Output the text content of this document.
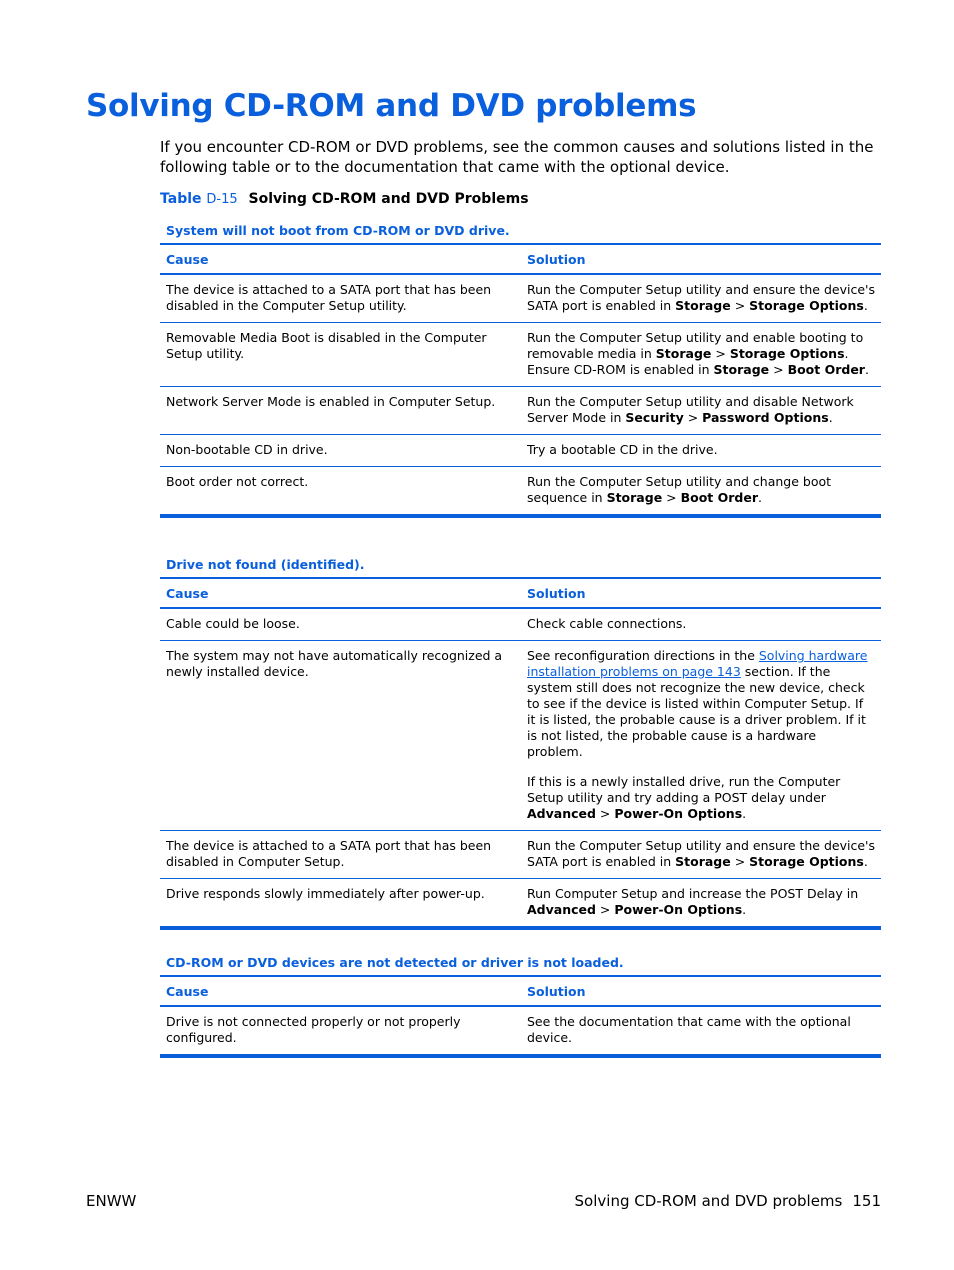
Solving CD-ROM and DVD problems

If you encounter CD-ROM or DVD problems, see the common causes and solutions listed in the following table or to the documentation that came with the optional device.

Table D-15 Solving CD-ROM and DVD Problems
System will not boot from CD-ROM or DVD drive.
Cause	Solution
The device is attached to a SATA port that has been disabled in the Computer Setup utility.	Run the Computer Setup utility and ensure the device's SATA port is enabled in Storage > Storage Options.

Removable Media Boot is disabled in the Computer Setup utility.	Run the Computer Setup utility and enable booting to removable media in Storage > Storage Options. Ensure CD-ROM is enabled in Storage > Boot Order.

Network Server Mode is enabled in Computer Setup.	Run the Computer Setup utility and disable Network Server Mode in Security > Password Options.

Non-bootable CD in drive.	Try a bootable CD in the drive.

Boot order not correct.	Run the Computer Setup utility and change boot sequence in Storage > Boot Order.

Drive not found (identified).
Cause	Solution
Cable could be loose.	Check cable connections.

The system may not have automatically recognized a newly installed device.	See reconfiguration directions in the Solving hardware installation problems on page 143 section. If the system still does not recognize the new device, check to see if the device is listed within Computer Setup. If it is listed, the probable cause is a driver problem. If it is not listed, the probable cause is a hardware problem.

If this is a newly installed drive, run the Computer Setup utility and try adding a POST delay under Advanced > Power-On Options.

The device is attached to a SATA port that has been disabled in Computer Setup.	Run the Computer Setup utility and ensure the device's SATA port is enabled in Storage > Storage Options.

Drive responds slowly immediately after power-up.	Run Computer Setup and increase the POST Delay in Advanced > Power-On Options.

CD-ROM or DVD devices are not detected or driver is not loaded.
Cause	Solution
Drive is not connected properly or not properly configured.	See the documentation that came with the optional device.

ENWW	Solving CD-ROM and DVD problems 151
